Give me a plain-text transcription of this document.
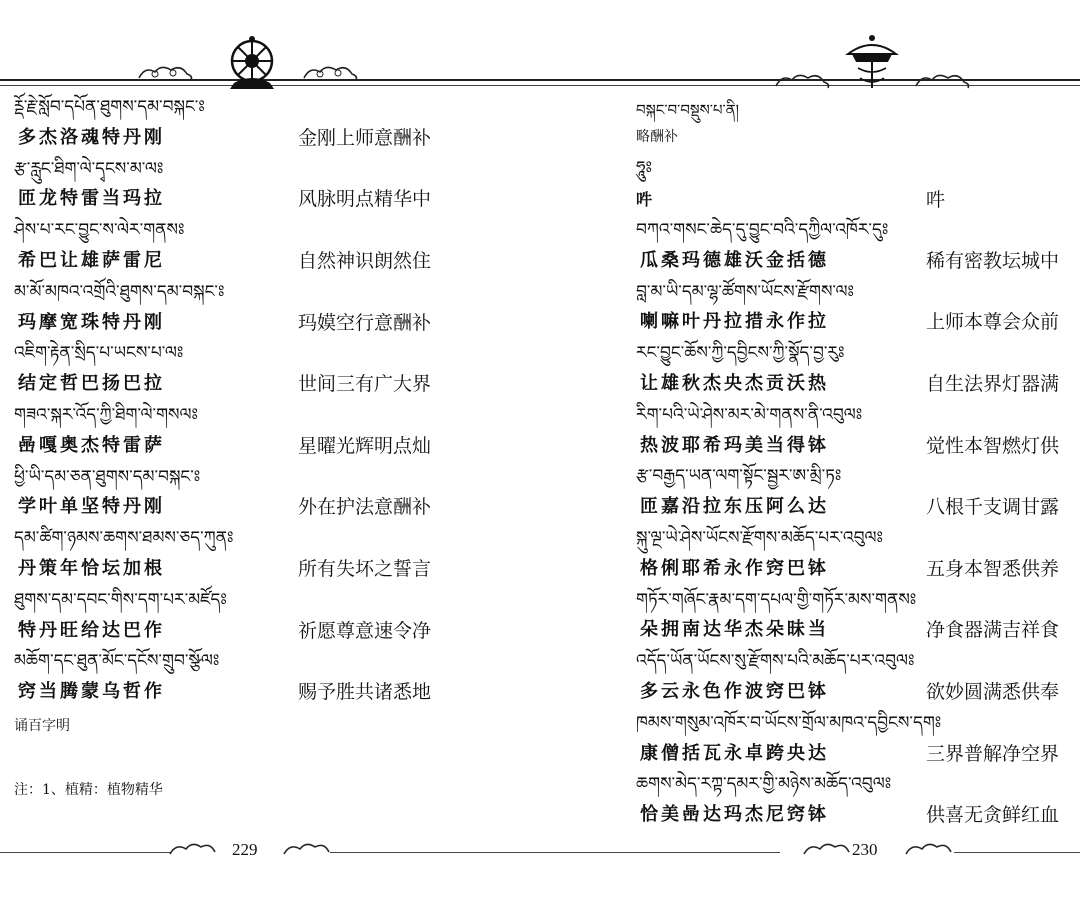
ཪྡོ་རྗེ་སློབ་དཔོན་ཐུགས་དམ་བསྐང་ཿ
多杰洛魂特丹刚	金刚上师意酬补
རྩ་རླུང་ཐིག་ལེ་དྭངས་མ་ལཿ
匝龙特雷当玛拉	风脉明点精华中
ཤེས་པ་རང་བྱུང་ས་ལེར་གནསཿ
希巴让雄萨雷尼	自然神识朗然住
མ་མོ་མཁའ་འགྲོའི་ཐུགས་དམ་བསྐང་ཿ
玛摩宽珠特丹刚	玛嫫空行意酬补
འཇིག་རྟེན་སྲིད་པ་ཡངས་པ་ལཿ
结定哲巴扬巴拉	世间三有广大界
གཟའ་སྐར་འོད་ཀྱི་ཐིག་ལེ་གསལཿ
喦嘎奥杰特雷萨	星曜光辉明点灿
ཕྱི་ཡི་དམ་ཅན་ཐུགས་དམ་བསྐང་ཿ
学叶单坚特丹刚	外在护法意酬补
དམ་ཚིག་ཉམས་ཆགས་ཐམས་ཅད་ཀུནཿ
丹策年恰坛加根	所有失坏之誓言
ཐུགས་དམ་དབང་གིས་དག་པར་མཛོདཿ
特丹旺给达巴作	祈愿尊意速令净
མཆོག་དང་ཐུན་མོང་དངོས་གྲུབ་སྩོལཿ
窍当腾蒙乌哲作	赐予胜共诸悉地
诵百字明
注：1、植精：植物精华
229
བསྐང་བ་བསྡུས་པ་ནི།
略酬补
ཧཱུཿ
吽	吽
བཀའ་གསང་ཆེད་དུ་བྱུང་བའི་དཀྱིལ་འཁོར་དུཿ
瓜桑玛德雄沃金括德	稀有密教坛城中
བླ་མ་ཡི་དམ་ལྷ་ཚོགས་ཡོངས་རྫོགས་ལཿ
喇嘛叶丹拉措永作拉	上师本尊会众前
རང་བྱུང་ཆོས་ཀྱི་དབྱིངས་ཀྱི་སྣོད་བྱ་རུཿ
让雄秋杰央杰贡沃热	自生法界灯器满
རིག་པའི་ཡེ་ཤེས་མར་མེ་གནས་ནི་འབུལཿ
热波耶希玛美当得钵	觉性本智燃灯供
རྩ་བརྒྱད་ཡན་ལག་སྟོང་སྦྱར་ཨ་མྲི་ཏཿ
匝嘉沿拉东压阿么达	八根千支调甘露
སྐུ་ལྔ་ཡེ་ཤེས་ཡོངས་རྫོགས་མཆོད་པར་འབུལཿ
格俐耶希永作窍巴钵	五身本智悉供养
གཏོར་གཞོང་རྣམ་དག་དཔལ་གྱི་གཏོར་མས་གནསཿ
朵拥南达华杰朵昧当	净食器满吉祥食
འདོད་ཡོན་ཡོངས་སུ་རྫོགས་པའི་མཆོད་པར་འབུལཿ
多云永色作波窍巴钵	欲妙圆满悉供奉
ཁམས་གསུམ་འཁོར་བ་ཡོངས་གྲོལ་མཁའ་དབྱིངས་དགཿ
康僧括瓦永卓跨央达	三界普解净空界
ཆགས་མེད་རཀྟ་དམར་གྱི་མཉེས་མཆོད་འབུལཿ
恰美喦达玛杰尼窍钵	供喜无贪鲜红血
230
